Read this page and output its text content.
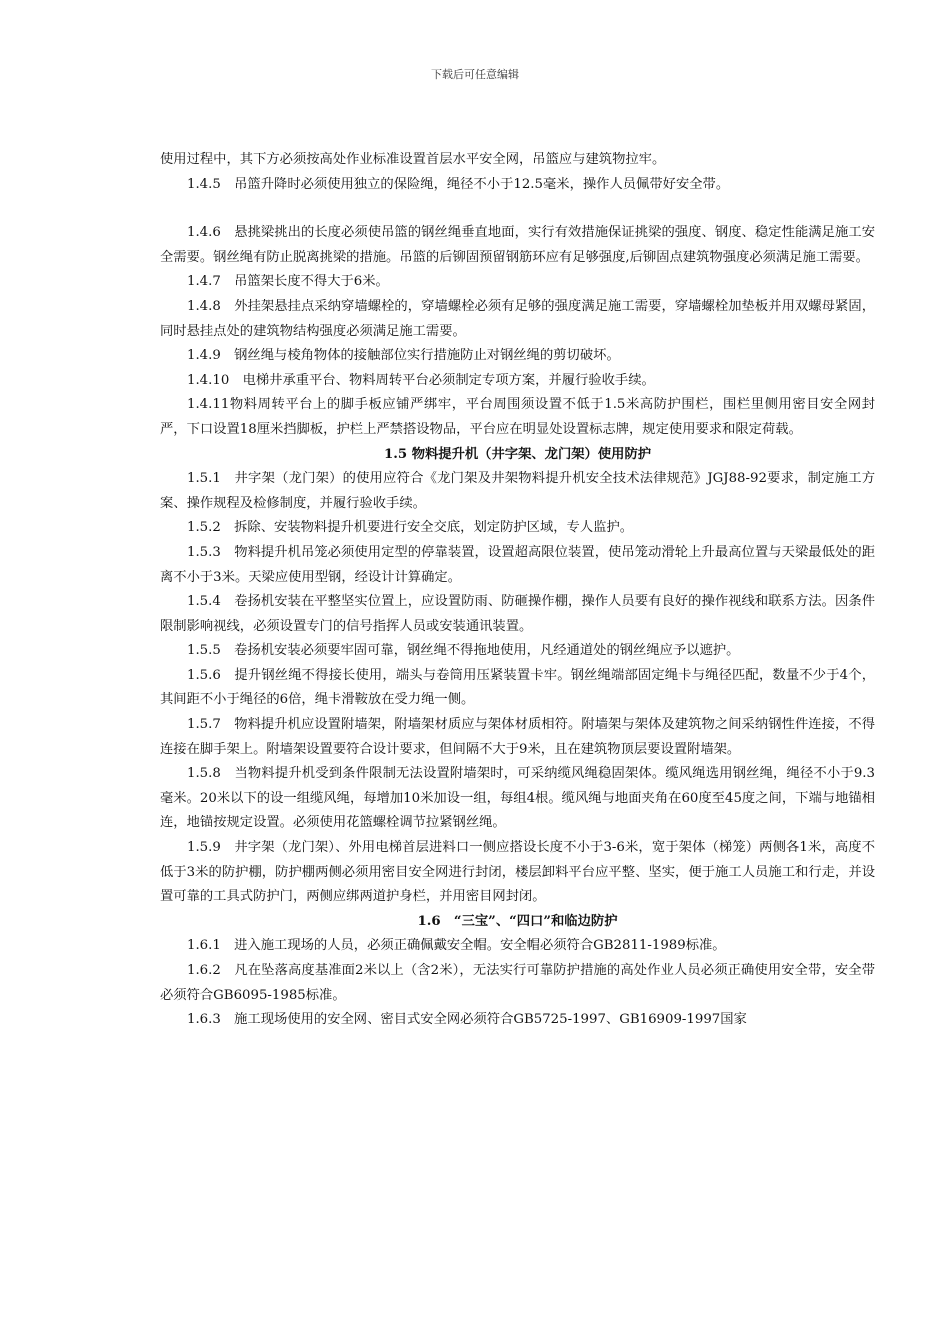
下载后可任意编辑

使用过程中，其下方必须按高处作业标准设置首层水平安全网，吊篮应与建筑物拉牢。

1.4.5　吊篮升降时必须使用独立的保险绳，绳径不小于12.5毫米，操作人员佩带好安全带。

1.4.6　悬挑梁挑出的长度必须使吊篮的钢丝绳垂直地面，实行有效措施保证挑梁的强度、钢度、稳定性能满足施工安全需要。钢丝绳有防止脱离挑梁的措施。吊篮的后铆固预留钢筋环应有足够强度,后铆固点建筑物强度必须满足施工需要。

1.4.7　吊篮架长度不得大于6米。

1.4.8　外挂架悬挂点采纳穿墙螺栓的，穿墙螺栓必须有足够的强度满足施工需要，穿墙螺栓加垫板并用双螺母紧固，同时悬挂点处的建筑物结构强度必须满足施工需要。

1.4.9　钢丝绳与棱角物体的接触部位实行措施防止对钢丝绳的剪切破坏。

1.4.10　电梯井承重平台、物料周转平台必须制定专项方案，并履行验收手续。

1.4.11物料周转平台上的脚手板应铺严绑牢，平台周围须设置不低于1.5米高防护围栏，围栏里侧用密目安全网封严，下口设置18厘米挡脚板，护栏上严禁搭设物品，平台应在明显处设置标志牌，规定使用要求和限定荷载。

1.5 物料提升机（井字架、龙门架）使用防护

1.5.1　井字架（龙门架）的使用应符合《龙门架及井架物料提升机安全技术法律规范》JGJ88-92要求，制定施工方案、操作规程及检修制度，并履行验收手续。

1.5.2　拆除、安装物料提升机要进行安全交底，划定防护区域，专人监护。

1.5.3　物料提升机吊笼必须使用定型的停靠装置，设置超高限位装置，使吊笼动滑轮上升最高位置与天梁最低处的距离不小于3米。天梁应使用型钢，经设计计算确定。

1.5.4　卷扬机安装在平整坚实位置上，应设置防雨、防砸操作棚，操作人员要有良好的操作视线和联系方法。因条件限制影响视线，必须设置专门的信号指挥人员或安装通讯装置。

1.5.5　卷扬机安装必须要牢固可靠，钢丝绳不得拖地使用，凡经通道处的钢丝绳应予以遮护。

1.5.6　提升钢丝绳不得接长使用，端头与卷筒用压紧装置卡牢。钢丝绳端部固定绳卡与绳径匹配，数量不少于4个，其间距不小于绳径的6倍，绳卡滑鞍放在受力绳一侧。

1.5.7　物料提升机应设置附墙架，附墙架材质应与架体材质相符。附墙架与架体及建筑物之间采纳钢性件连接，不得连接在脚手架上。附墙架设置要符合设计要求，但间隔不大于9米，且在建筑物顶层要设置附墙架。

1.5.8　当物料提升机受到条件限制无法设置附墙架时，可采纳缆风绳稳固架体。缆风绳选用钢丝绳，绳径不小于9.3毫米。20米以下的设一组缆风绳，每增加10米加设一组，每组4根。缆风绳与地面夹角在60度至45度之间，下端与地锚相连，地锚按规定设置。必须使用花篮螺栓调节拉紧钢丝绳。

1.5.9　井字架（龙门架）、外用电梯首层进料口一侧应搭设长度不小于3-6米，宽于架体（梯笼）两侧各1米，高度不低于3米的防护棚，防护棚两侧必须用密目安全网进行封闭，楼层卸料平台应平整、坚实，便于施工人员施工和行走，并设置可靠的工具式防护门，两侧应绑两道护身栏，并用密目网封闭。

1.6　“三宝”、“四口”和临边防护

1.6.1　进入施工现场的人员，必须正确佩戴安全帽。安全帽必须符合GB2811-1989标准。

1.6.2　凡在坠落高度基准面2米以上（含2米），无法实行可靠防护措施的高处作业人员必须正确使用安全带，安全带必须符合GB6095-1985标准。

1.6.3　施工现场使用的安全网、密目式安全网必须符合GB5725-1997、GB16909-1997国家
